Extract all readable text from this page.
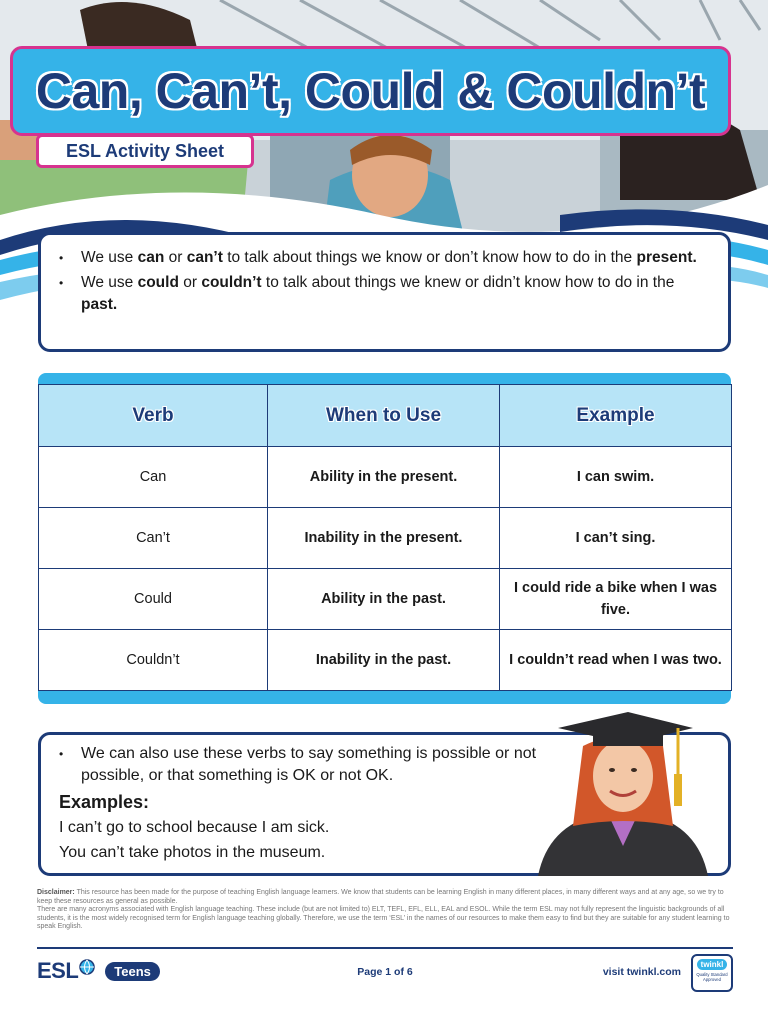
Can, Can’t, Could & Couldn’t
ESL Activity Sheet
•	We use can or can’t to talk about things we know or don’t know how to do in the present.
•	We use could or couldn’t to talk about things we knew or didn’t know how to do in the past.
Verb	When to Use	Example
Can	Ability in the present.	I can swim.
Can’t	Inability in the present.	I can’t sing.
Could	Ability in the past.	I could ride a bike when I was five.
Couldn’t	Inability in the past.	I couldn’t read when I was two.
•	We can also use these verbs to say something is possible or not possible, or that something is OK or not OK.
Examples:
I can’t go to school because I am sick.
You can’t take photos in the museum.
Disclaimer: This resource has been made for the purpose of teaching English language learners. We know that students can be learning English in many different places, in many different ways and at any age, so we try to keep these resources as general as possible.
There are many acronyms associated with English language teaching. These include (but are not limited to) ELT, TEFL, EFL, ELL, EAL and ESOL. While the term ESL may not fully represent the linguistic backgrounds of all students, it is the most widely recognised term for English language teaching globally. Therefore, we use the term ‘ESL’ in the names of our resources to make them easy to find but they are suitable for any student learning to speak English.
ESL	Teens	Page 1 of 6	visit twinkl.com
twinkl
Quality Standard Approved
